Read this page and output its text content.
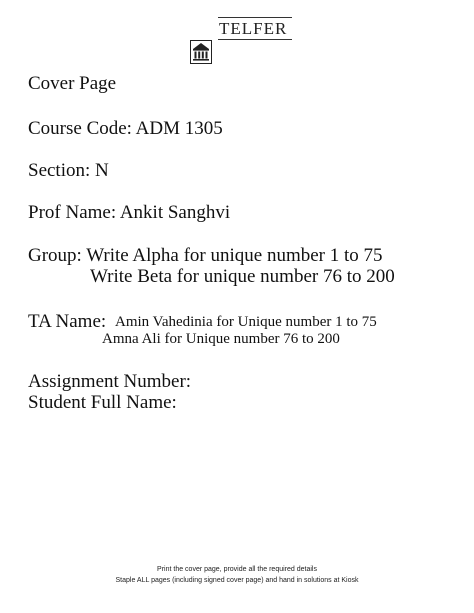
TELFER
Cover Page
Course Code: ADM 1305
Section: N
Prof Name: Ankit Sanghvi
Group: Write Alpha for unique number 1 to 75
Write Beta for unique number 76 to 200
TA Name: Amin Vahedinia for Unique number 1 to 75
Amna Ali for Unique number 76 to 200
Assignment Number:
Student Full Name:
Print the cover page, provide all the required details
Staple ALL pages (including signed cover page) and hand in solutions at Kiosk
